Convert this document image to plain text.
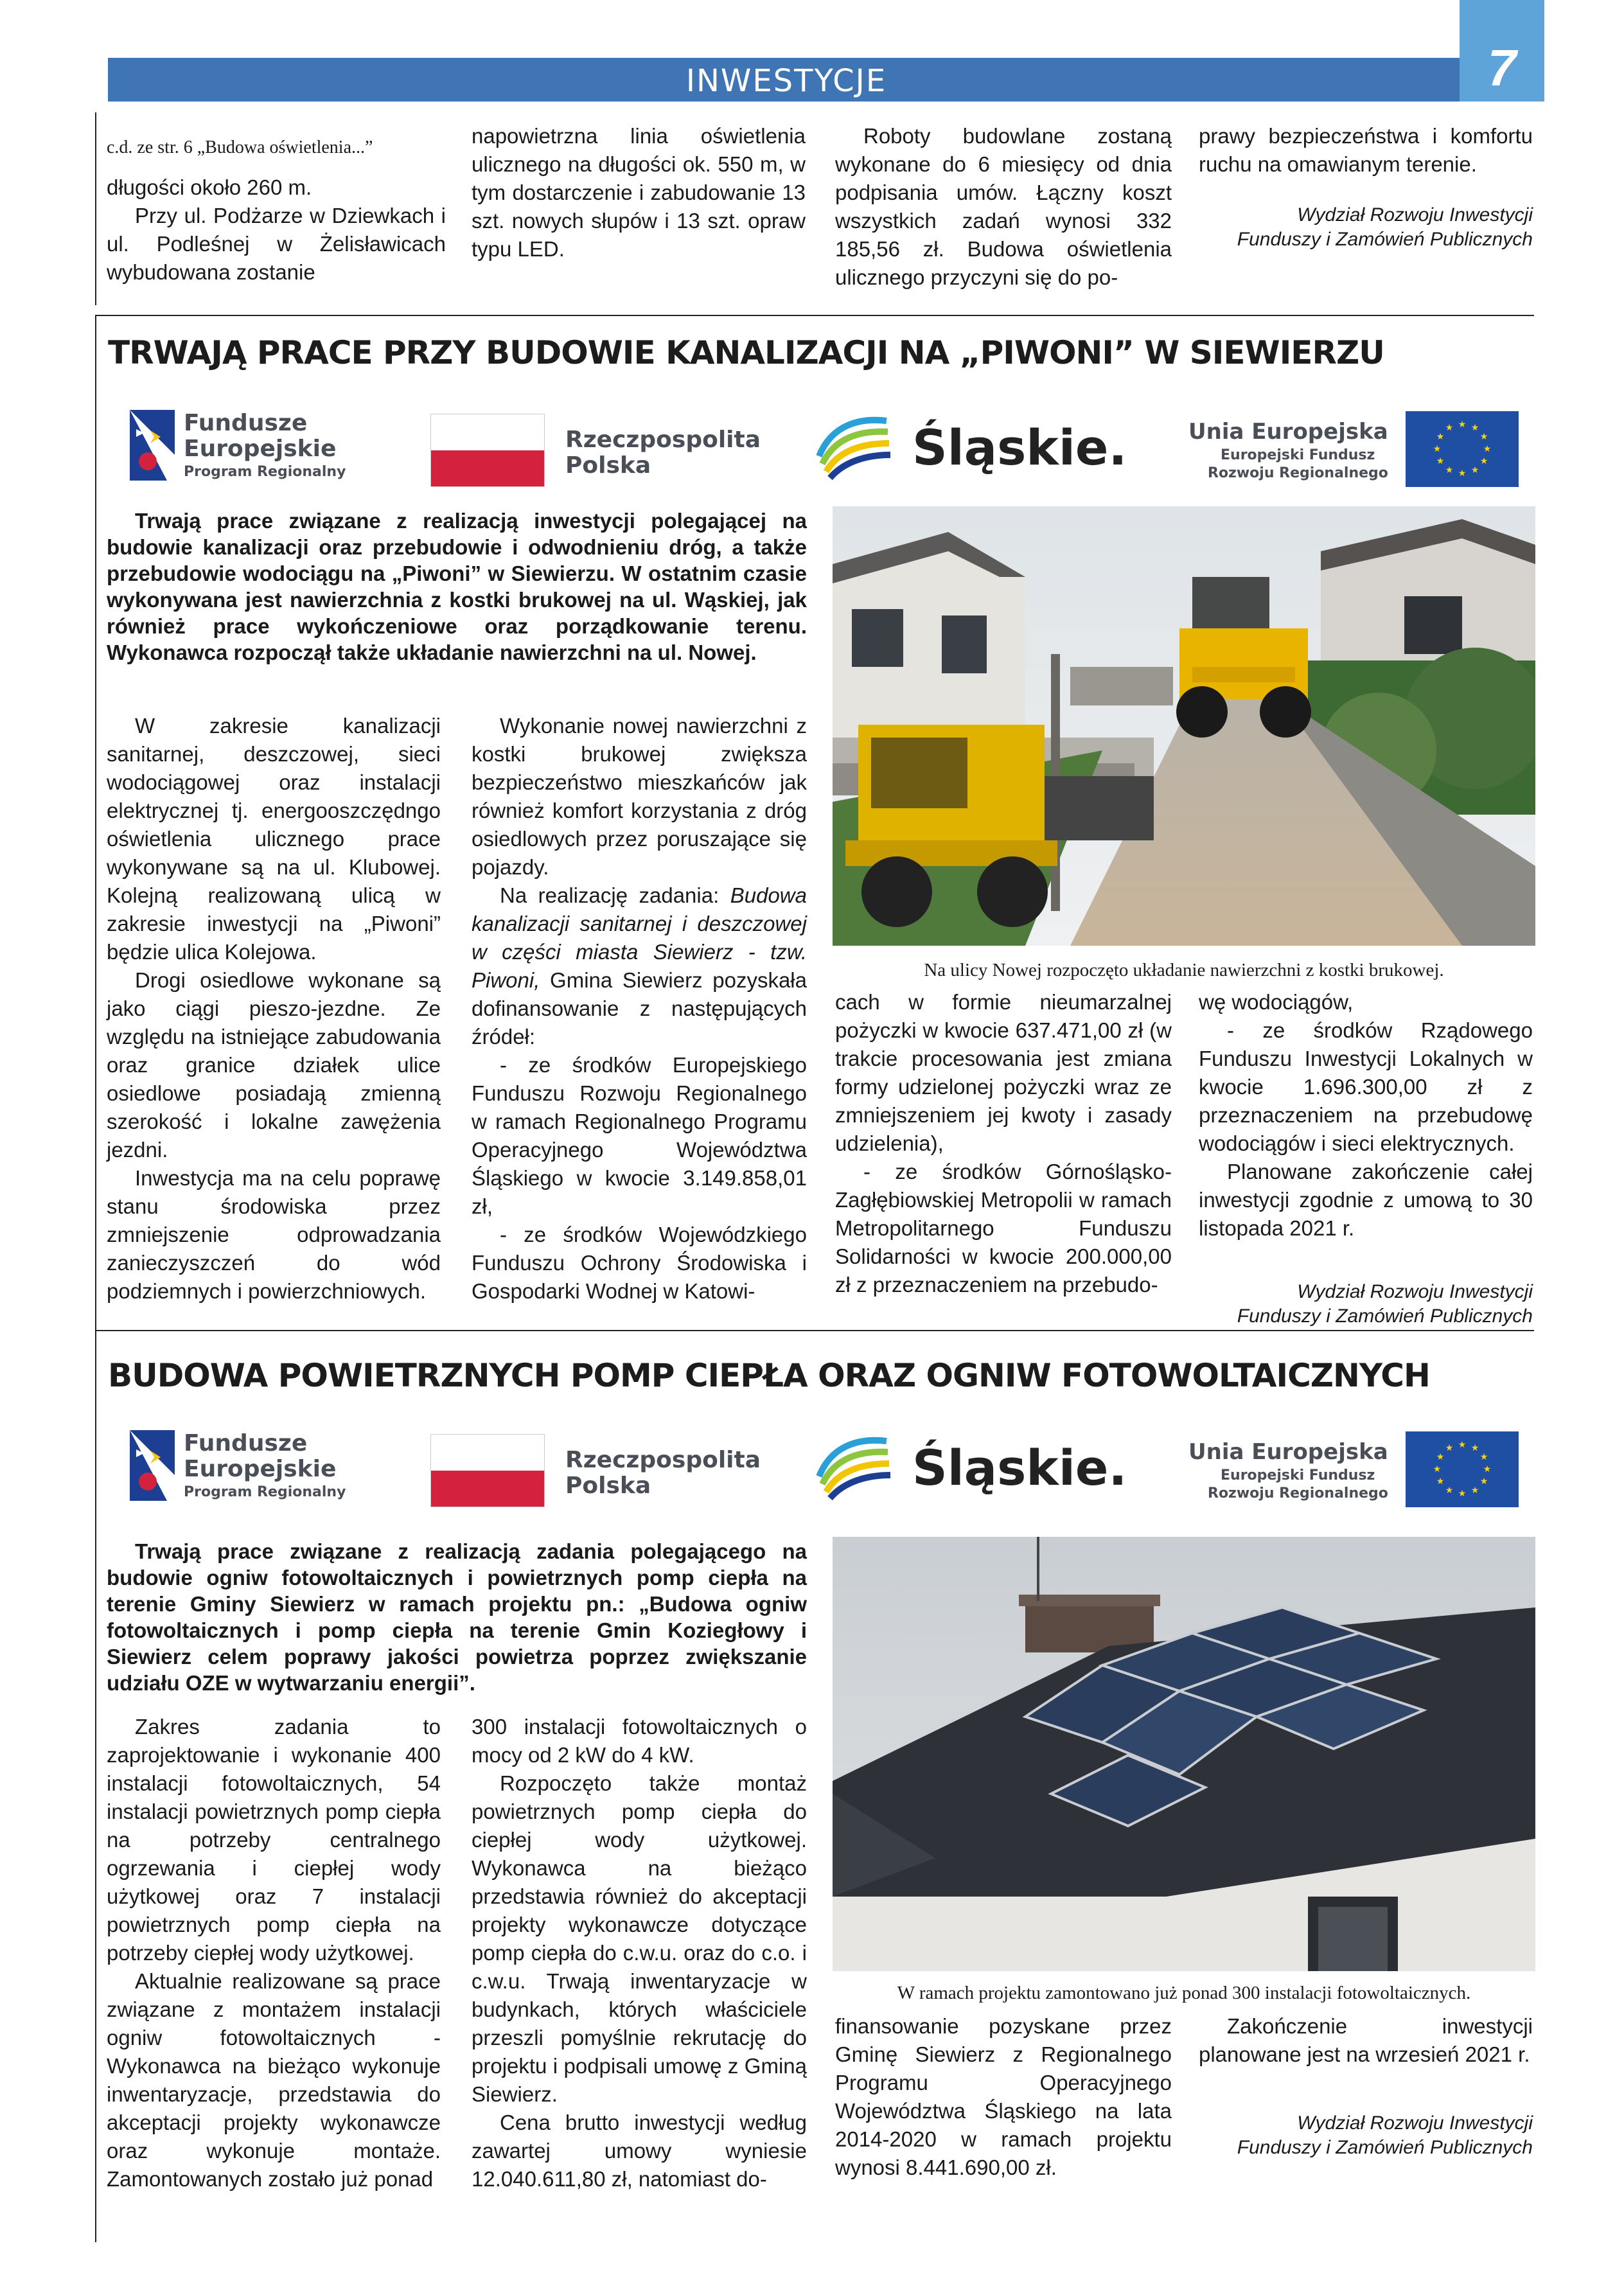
INWESTYCJE	7
c.d. ze str. 6 „Budowa oświetlenia...”

długości około 260 m.

Przy ul. Podżarze w Dziewkach i ul. Podleśnej w Żelisławicach wybudowana zostanie

napowietrzna linia oświetlenia ulicznego na długości ok. 550 m, w tym dostarczenie i zabudowanie 13 szt. nowych słupów i 13 szt. opraw typu LED.

Roboty budowlane zostaną wykonane do 6 miesięcy od dnia podpisania umów. Łączny koszt wszystkich zadań wynosi 332 185,56 zł. Budowa oświetlenia ulicznego przyczyni się do po-

prawy bezpieczeństwa i komfortu ruchu na omawianym terenie.

Wydział Rozwoju Inwestycji
Funduszy i Zamówień Publicznych
TRWAJĄ PRACE PRZY BUDOWIE KANALIZACJI NA „PIWONI” W SIEWIERZU
Fundusze
Europejskie
Program Regionalny
Rzeczpospolita
Polska	Śląskie.	Unia Europejska
Europejski Fundusz
Rozwoju Regionalnego
★ ★
★
★
★
★
★
★
★
★
★
★
Trwają prace związane z realizacją inwestycji polegającej na budowie kanalizacji oraz przebudowie i odwodnieniu dróg, a także przebudowie wodociągu na „Piwoni” w Siewierzu. W ostatnim czasie wykonywana jest nawierzchnia z kostki brukowej na ul. Wąskiej, jak również prace wykończeniowe oraz porządkowanie terenu. Wykonawca rozpoczął także układanie nawierzchni na ul. Nowej.

W zakresie kanalizacji sanitarnej, deszczowej, sieci wodociągowej oraz instalacji elektrycznej tj. energooszczędngo oświetlenia ulicznego prace wykonywane są na ul. Klubowej. Kolejną realizowaną ulicą w zakresie inwestycji na „Piwoni” będzie ulica Kolejowa.

Drogi osiedlowe wykonane są jako ciągi pieszo-jezdne. Ze względu na istniejące zabudowania oraz granice działek ulice osiedlowe posiadają zmienną szerokość i lokalne zawężenia jezdni.

Inwestycja ma na celu poprawę stanu środowiska przez zmniejszenie odprowadzania zanieczyszczeń do wód podziemnych i powierzchniowych.

Wykonanie nowej nawierzchni z kostki brukowej zwiększa bezpieczeństwo mieszkańców jak również komfort korzystania z dróg osiedlowych przez poruszające się pojazdy.

Na realizację zadania: Budowa kanalizacji sanitarnej i deszczowej w części miasta Siewierz - tzw. Piwoni, Gmina Siewierz pozyskała dofinansowanie z następujących źródeł:

- ze środków Europejskiego Funduszu Rozwoju Regionalnego w ramach Regionalnego Programu Operacyjnego Województwa Śląskiego w kwocie 3.149.858,01 zł,

- ze środków Wojewódzkiego Funduszu Ochrony Środowiska i Gospodarki Wodnej w Katowi-

Na ulicy Nowej rozpoczęto układanie nawierzchni z kostki brukowej.

cach w formie nieumarzalnej pożyczki w kwocie 637.471,00 zł (w trakcie procesowania jest zmiana formy udzielonej pożyczki wraz ze zmniejszeniem jej kwoty i zasady udzielenia),

- ze środków Górnośląsko-Zagłębiowskiej Metropolii w ramach Metropolitarnego Funduszu Solidarności w kwocie 200.000,00 zł z przeznaczeniem na przebudo-

wę wodociągów,

- ze środków Rządowego Funduszu Inwestycji Lokalnych w kwocie 1.696.300,00 zł z przeznaczeniem na przebudowę wodociągów i sieci elektrycznych.

Planowane zakończenie całej inwestycji zgodnie z umową to 30 listopada 2021 r.

Wydział Rozwoju Inwestycji
Funduszy i Zamówień Publicznych
BUDOWA POWIETRZNYCH POMP CIEPŁA ORAZ OGNIW FOTOWOLTAICZNYCH
Fundusze
Europejskie
Program Regionalny
Rzeczpospolita
Polska	Śląskie.	Unia Europejska
Europejski Fundusz
Rozwoju Regionalnego
★ ★
★
★
★
★
★
★
★
★
★
★
Trwają prace związane z realizacją zadania polegającego na budowie ogniw fotowoltaicznych i powietrznych pomp ciepła na terenie Gminy Siewierz w ramach projektu pn.: „Budowa ogniw fotowoltaicznych i pomp ciepła na terenie Gmin Koziegłowy i Siewierz celem poprawy jakości powietrza poprzez zwiększanie udziału OZE w wytwarzaniu energii”.

Zakres zadania to zaprojektowanie i wykonanie 400 instalacji fotowoltaicznych, 54 instalacji powietrznych pomp ciepła na potrzeby centralnego ogrzewania i ciepłej wody użytkowej oraz 7 instalacji powietrznych pomp ciepła na potrzeby ciepłej wody użytkowej.

Aktualnie realizowane są prace związane z montażem instalacji ogniw fotowoltaicznych - Wykonawca na bieżąco wykonuje inwentaryzacje, przedstawia do akceptacji projekty wykonawcze oraz wykonuje montaże. Zamontowanych zostało już ponad

300 instalacji fotowoltaicznych o mocy od 2 kW do 4 kW.

Rozpoczęto także montaż powietrznych pomp ciepła do ciepłej wody użytkowej. Wykonawca na bieżąco przedstawia również do akceptacji projekty wykonawcze dotyczące pomp ciepła do c.w.u. oraz do c.o. i c.w.u. Trwają inwentaryzacje w budynkach, których właściciele przeszli pomyślnie rekrutację do projektu i podpisali umowę z Gminą Siewierz.

Cena brutto inwestycji według zawartej umowy wyniesie 12.040.611,80 zł, natomiast do-

W ramach projektu zamontowano już ponad 300 instalacji fotowoltaicznych.

finansowanie pozyskane przez Gminę Siewierz z Regionalnego Programu Operacyjnego Województwa Śląskiego na lata 2014-2020 w ramach projektu wynosi 8.441.690,00 zł.

Zakończenie inwestycji planowane jest na wrzesień 2021 r.

Wydział Rozwoju Inwestycji
Funduszy i Zamówień Publicznych
